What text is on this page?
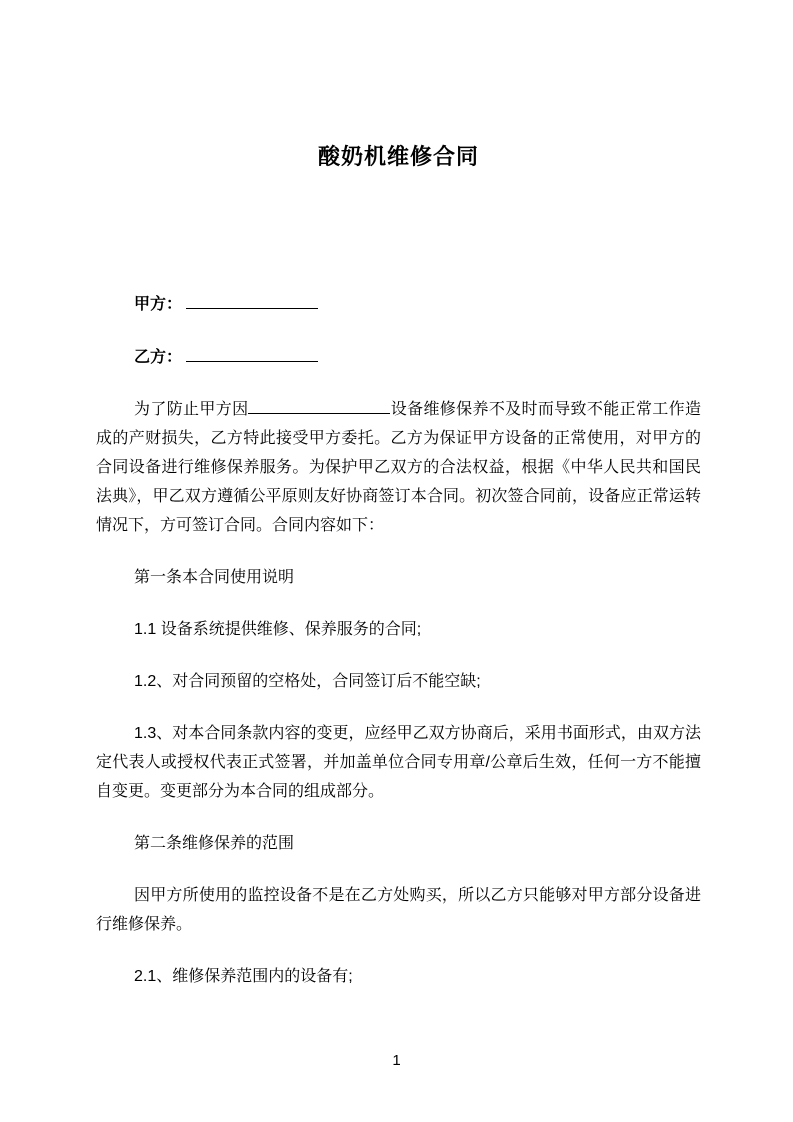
酸奶机维修合同
甲方：
乙方：
为了防止甲方因	设备维修保养不及时而导致不能正常工作造成的产财损失，乙方特此接受甲方委托。乙方为保证甲方设备的正常使用，对甲方的合同设备进行维修保养服务。为保护甲乙双方的合法权益，根据《中华人民共和国民法典》，甲乙双方遵循公平原则友好协商签订本合同。初次签合同前，设备应正常运转情况下，方可签订合同。合同内容如下：
第一条本合同使用说明
1.1 设备系统提供维修、保养服务的合同;
1.2、对合同预留的空格处，合同签订后不能空缺;
1.3、对本合同条款内容的变更，应经甲乙双方协商后，采用书面形式，由双方法定代表人或授权代表正式签署，并加盖单位合同专用章/公章后生效，任何一方不能擅自变更。变更部分为本合同的组成部分。
第二条维修保养的范围
因甲方所使用的监控设备不是在乙方处购买，所以乙方只能够对甲方部分设备进行维修保养。
2.1、维修保养范围内的设备有;
1
